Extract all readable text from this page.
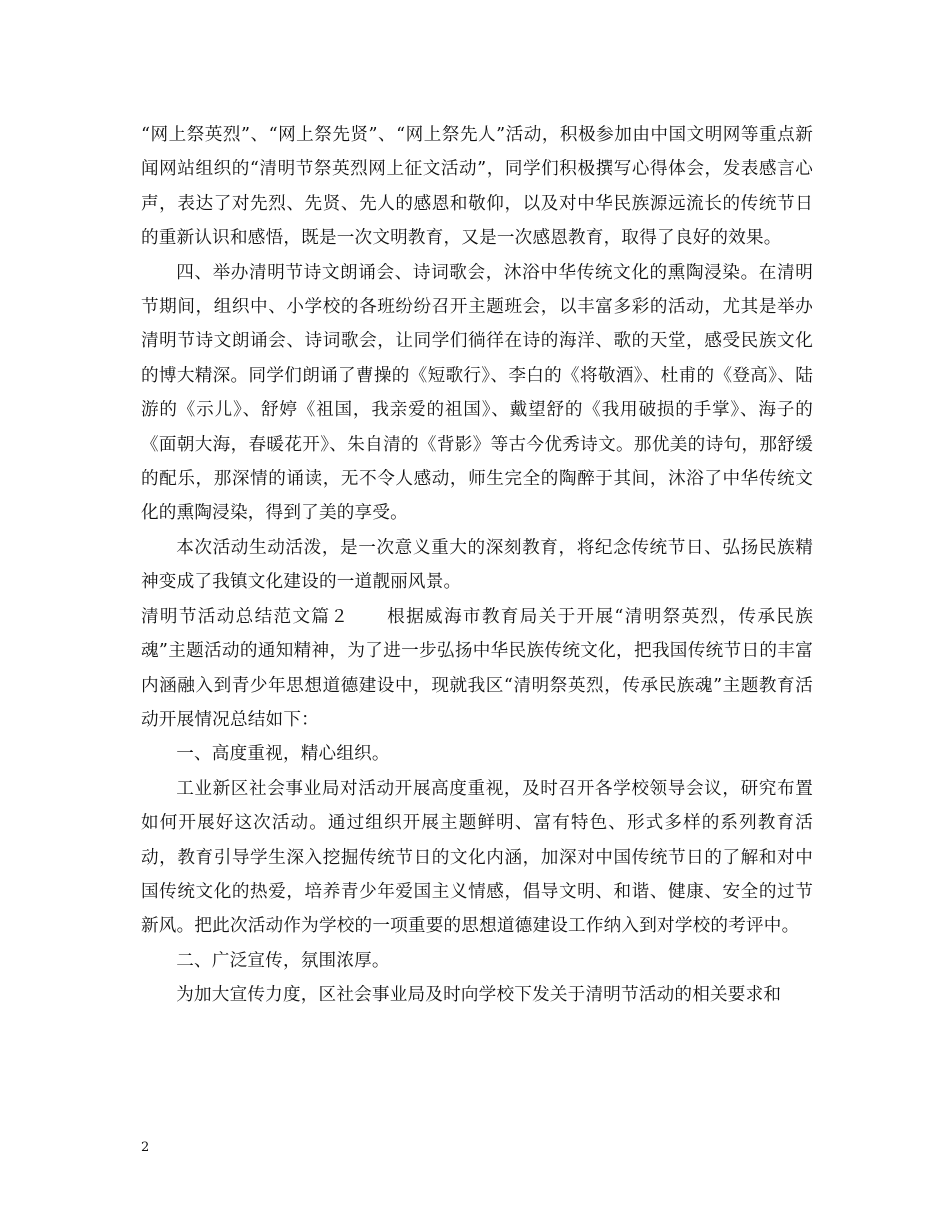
“网上祭英烈”、“网上祭先贤”、“网上祭先人”活动，积极参加由中国文明网等重点新闻网站组织的“清明节祭英烈网上征文活动”，同学们积极撰写心得体会，发表感言心声，表达了对先烈、先贤、先人的感恩和敬仰，以及对中华民族源远流长的传统节日的重新认识和感悟，既是一次文明教育，又是一次感恩教育，取得了良好的效果。

四、举办清明节诗文朗诵会、诗词歌会，沐浴中华传统文化的熏陶浸染。在清明节期间，组织中、小学校的各班纷纷召开主题班会，以丰富多彩的活动，尤其是举办清明节诗文朗诵会、诗词歌会，让同学们徜徉在诗的海洋、歌的天堂，感受民族文化的博大精深。同学们朗诵了曹操的《短歌行》、李白的《将敬酒》、杜甫的《登高》、陆游的《示儿》、舒婷《祖国，我亲爱的祖国》、戴望舒的《我用破损的手掌》、海子的《面朝大海，春暖花开》、朱自清的《背影》等古今优秀诗文。那优美的诗句，那舒缓的配乐，那深情的诵读，无不令人感动，师生完全的陶醉于其间，沐浴了中华传统文化的熏陶浸染，得到了美的享受。

本次活动生动活泼，是一次意义重大的深刻教育，将纪念传统节日、弘扬民族精神变成了我镇文化建设的一道靓丽风景。

清明节活动总结范文篇２　　根据威海市教育局关于开展“清明祭英烈，传承民族魂”主题活动的通知精神，为了进一步弘扬中华民族传统文化，把我国传统节日的丰富内涵融入到青少年思想道德建设中，现就我区“清明祭英烈，传承民族魂”主题教育活动开展情况总结如下：

一、高度重视，精心组织。

工业新区社会事业局对活动开展高度重视，及时召开各学校领导会议，研究布置如何开展好这次活动。通过组织开展主题鲜明、富有特色、形式多样的系列教育活动，教育引导学生深入挖掘传统节日的文化内涵，加深对中国传统节日的了解和对中国传统文化的热爱，培养青少年爱国主义情感，倡导文明、和谐、健康、安全的过节新风。把此次活动作为学校的一项重要的思想道德建设工作纳入到对学校的考评中。

二、广泛宣传，氛围浓厚。

为加大宣传力度，区社会事业局及时向学校下发关于清明节活动的相关要求和

2
